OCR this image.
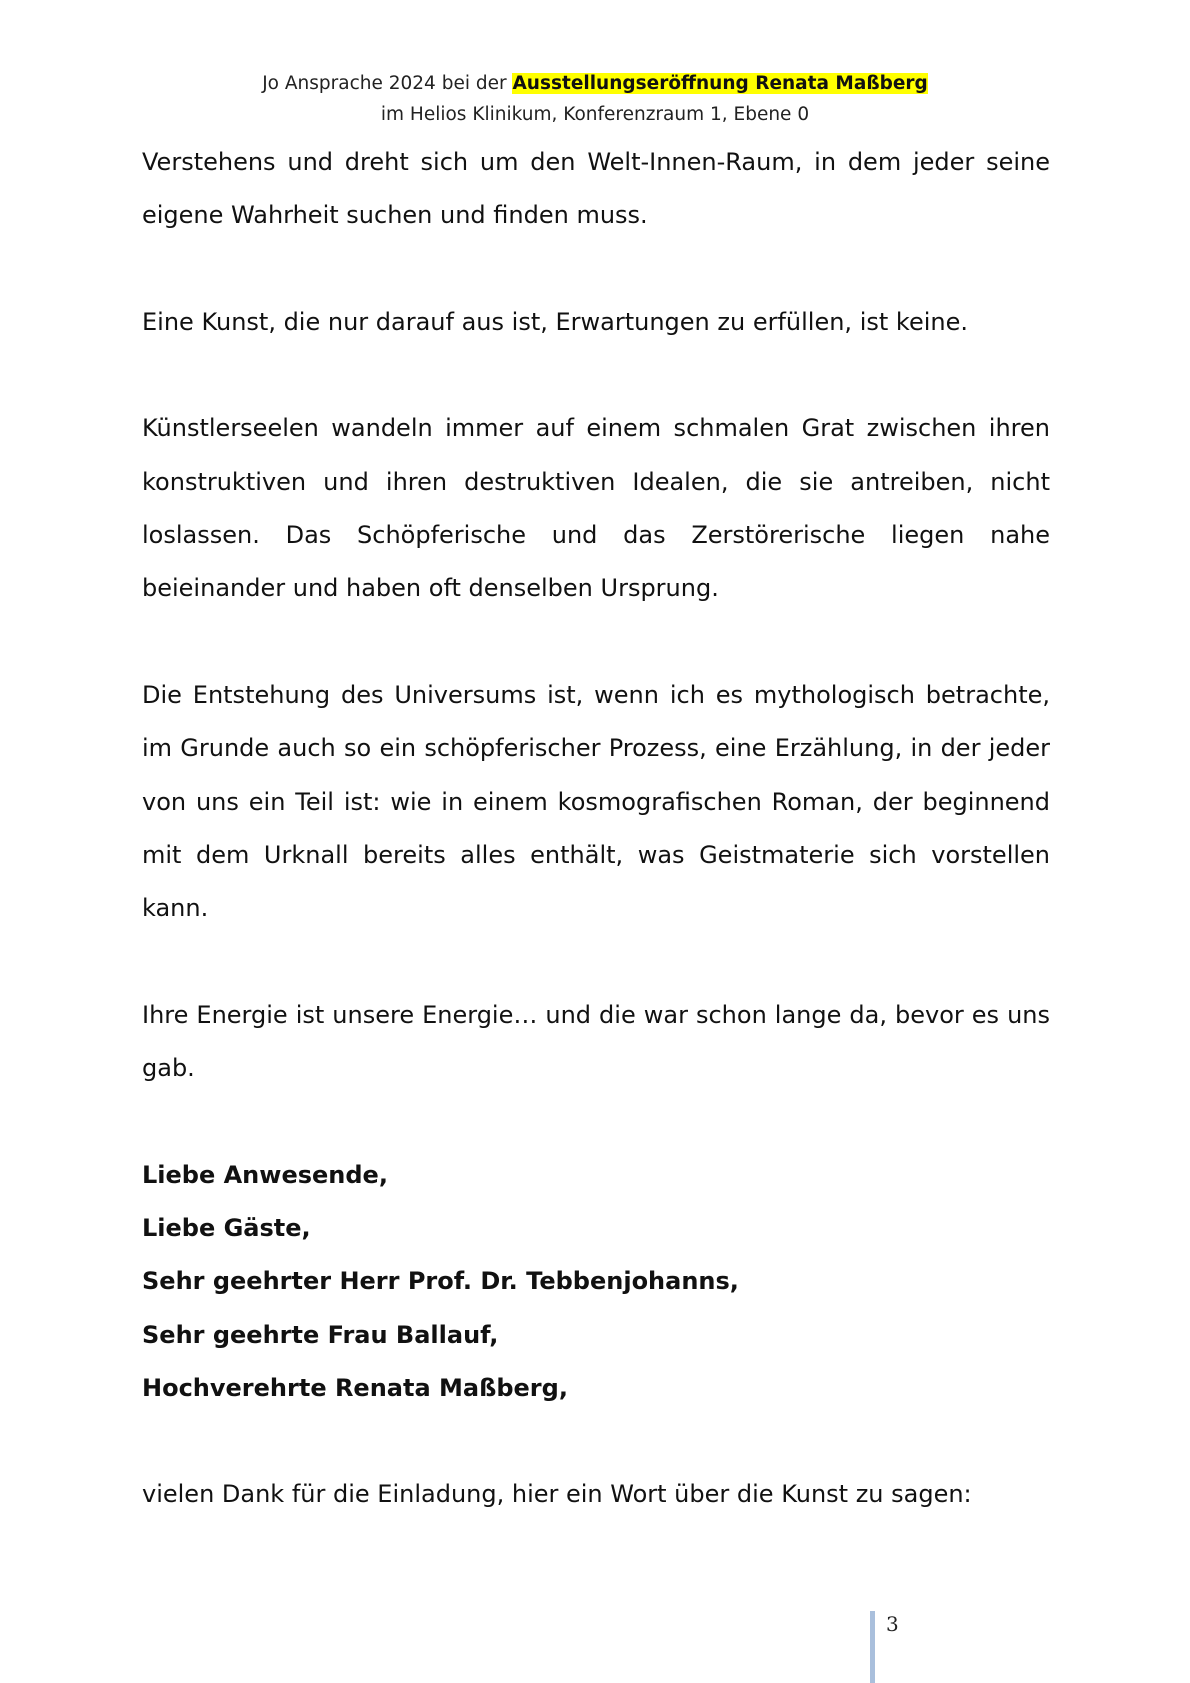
Jo Ansprache 2024 bei der Ausstellungseröffnung Renata Maßberg
im Helios Klinikum, Konferenzraum 1, Ebene 0

Verstehens und dreht sich um den Welt-Innen-Raum, in dem jeder seine eigene Wahrheit suchen und finden muss.

Eine Kunst, die nur darauf aus ist, Erwartungen zu erfüllen, ist keine.

Künstlerseelen wandeln immer auf einem schmalen Grat zwischen ihren konstruktiven und ihren destruktiven Idealen, die sie antreiben, nicht loslassen. Das Schöpferische und das Zerstörerische liegen nahe beieinander und haben oft denselben Ursprung.

Die Entstehung des Universums ist, wenn ich es mythologisch betrachte, im Grunde auch so ein schöpferischer Prozess, eine Erzählung, in der jeder von uns ein Teil ist: wie in einem kosmografischen Roman, der beginnend mit dem Urknall bereits alles enthält, was Geistmaterie sich vorstellen kann.

Ihre Energie ist unsere Energie… und die war schon lange da, bevor es uns gab.

Liebe Anwesende,
Liebe Gäste,
Sehr geehrter Herr Prof. Dr. Tebbenjohanns,
Sehr geehrte Frau Ballauf,
Hochverehrte Renata Maßberg,

vielen Dank für die Einladung, hier ein Wort über die Kunst zu sagen:

3
